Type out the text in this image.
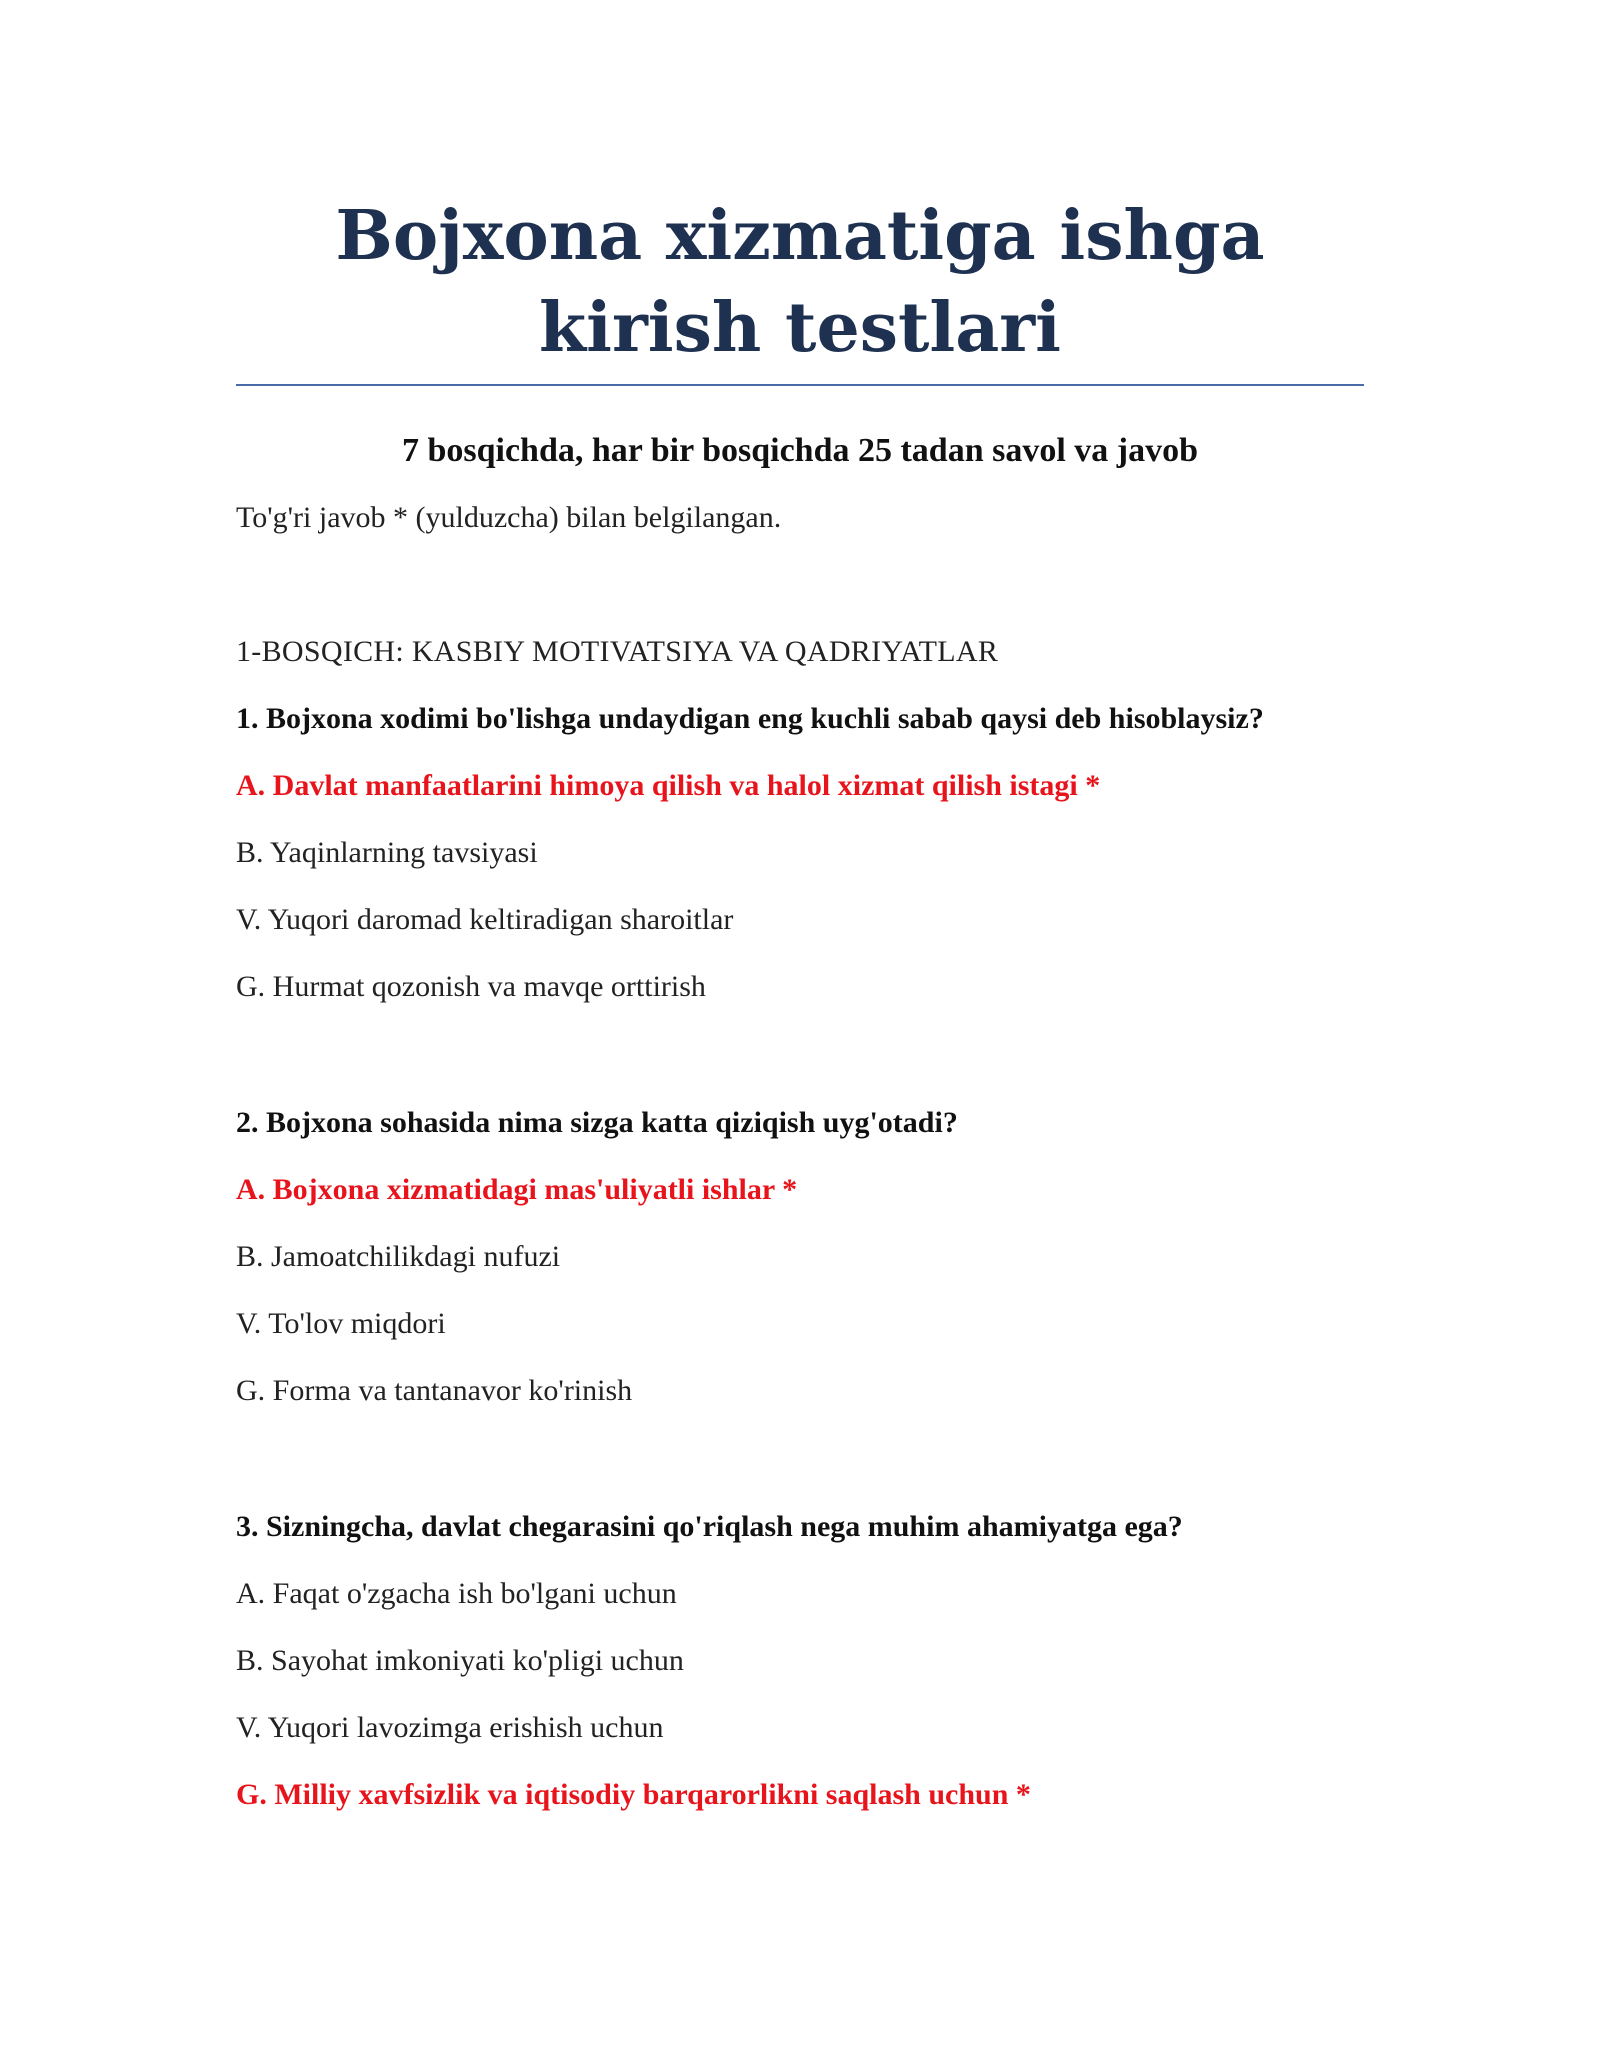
Bojxona xizmatiga ishga kirish testlari

7 bosqichda, har bir bosqichda 25 tadan savol va javob

To'g'ri javob * (yulduzcha) bilan belgilangan.

1-BOSQICH: KASBIY MOTIVATSIYA VA QADRIYATLAR

1. Bojxona xodimi bo'lishga undaydigan eng kuchli sabab qaysi deb hisoblaysiz?

A. Davlat manfaatlarini himoya qilish va halol xizmat qilish istagi *

B. Yaqinlarning tavsiyasi

V. Yuqori daromad keltiradigan sharoitlar

G. Hurmat qozonish va mavqe orttirish

2. Bojxona sohasida nima sizga katta qiziqish uyg'otadi?

A. Bojxona xizmatidagi mas'uliyatli ishlar *

B. Jamoatchilikdagi nufuzi

V. To'lov miqdori

G. Forma va tantanavor ko'rinish

3. Sizningcha, davlat chegarasini qo'riqlash nega muhim ahamiyatga ega?

A. Faqat o'zgacha ish bo'lgani uchun

B. Sayohat imkoniyati ko'pligi uchun

V. Yuqori lavozimga erishish uchun

G. Milliy xavfsizlik va iqtisodiy barqarorlikni saqlash uchun *
